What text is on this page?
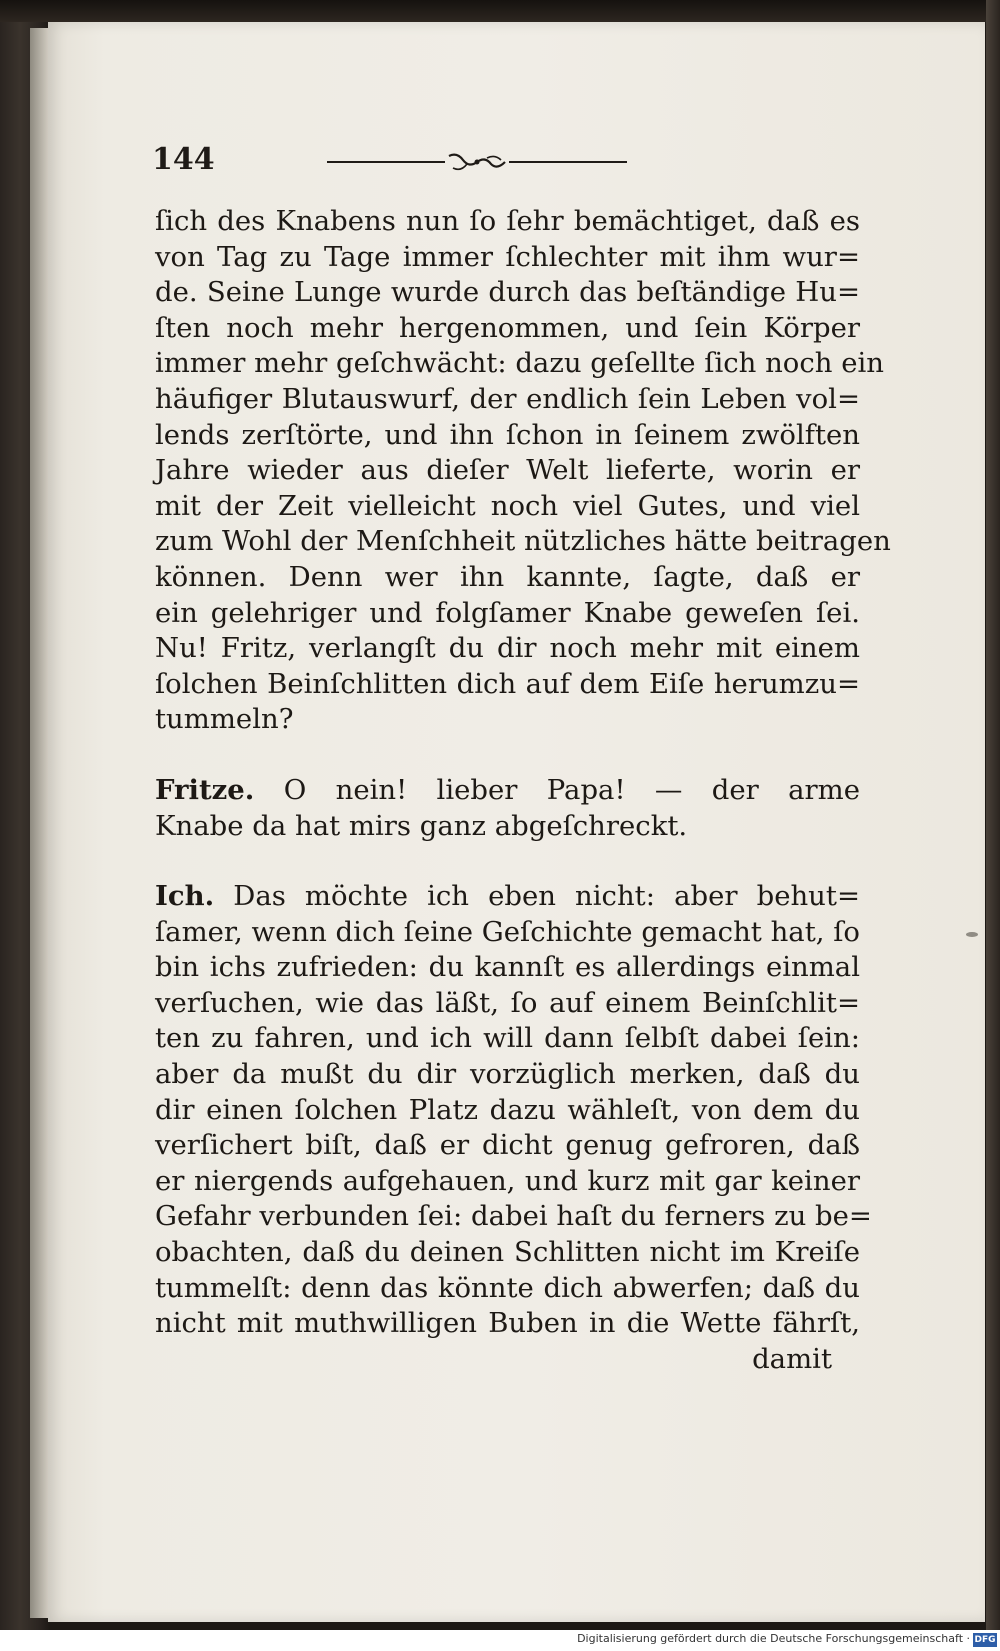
144
ſich des Knabens nun ſo ſehr bemächtiget, daß es
von Tag zu Tage immer ſchlechter mit ihm wur=
de. Seine Lunge wurde durch das beſtändige Hu=
ſten noch mehr hergenommen, und ſein Körper
immer mehr geſchwächt: dazu geſellte ſich noch ein
häufiger Blutauswurf, der endlich ſein Leben vol=
lends zerſtörte, und ihn ſchon in ſeinem zwölften
Jahre wieder aus dieſer Welt lieferte, worin er
mit der Zeit vielleicht noch viel Gutes, und viel
zum Wohl der Menſchheit nützliches hätte beitragen
können. Denn wer ihn kannte, ſagte, daß er
ein gelehriger und folgſamer Knabe geweſen ſei.
Nu! Fritz, verlangſt du dir noch mehr mit einem
ſolchen Beinſchlitten dich auf dem Eiſe herumzu=
tummeln?
Fritze. O nein! lieber Papa! — der arme
Knabe da hat mirs ganz abgeſchreckt.
Ich. Das möchte ich eben nicht: aber behut=
ſamer, wenn dich ſeine Geſchichte gemacht hat, ſo
bin ichs zufrieden: du kannſt es allerdings einmal
verſuchen, wie das läßt, ſo auf einem Beinſchlit=
ten zu fahren, und ich will dann ſelbſt dabei ſein:
aber da mußt du dir vorzüglich merken, daß du
dir einen ſolchen Platz dazu wähleſt, von dem du
verſichert biſt, daß er dicht genug gefroren, daß
er niergends aufgehauen, und kurz mit gar keiner
Gefahr verbunden ſei: dabei haſt du ferners zu be=
obachten, daß du deinen Schlitten nicht im Kreiſe
tummelſt: denn das könnte dich abwerfen; daß du
nicht mit muthwilligen Buben in die Wette fährſt,
damit
Digitalisierung gefördert durch die Deutsche Forschungsgemeinschaft · DFG
